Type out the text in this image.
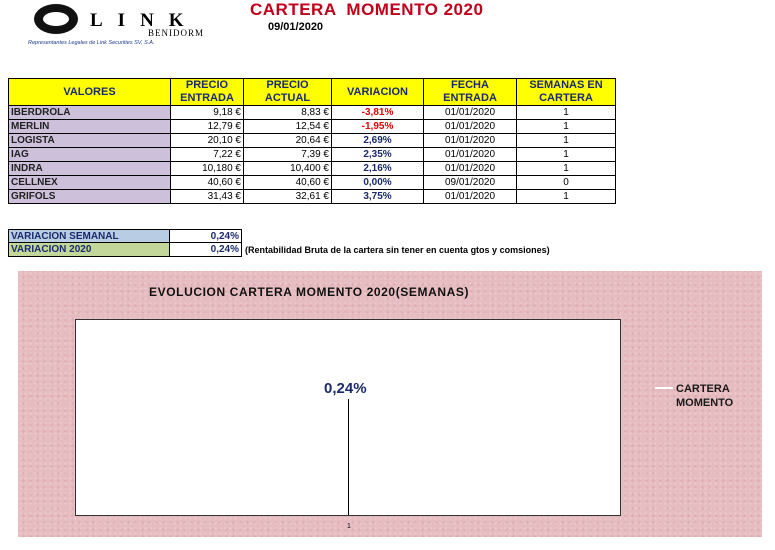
LINK
BENIDORM
Representantes Legales de Link Securities SV, S.A.
CARTERA  MOMENTO 2020
09/01/2020
VALORES	PRECIO ENTRADA	PRECIO ACTUAL	VARIACION	FECHA ENTRADA	SEMANAS EN CARTERA
IBERDROLA	9,18 €	8,83 €	-3,81%	01/01/2020	1
MERLIN	12,79 €	12,54 €	-1,95%	01/01/2020	1
LOGISTA	20,10 €	20,64 €	2,69%	01/01/2020	1
IAG	7,22 €	7,39 €	2,35%	01/01/2020	1
INDRA	10,180 €	10,400 €	2,16%	01/01/2020	1
CELLNEX	40,60 €	40,60 €	0,00%	09/01/2020	0
GRIFOLS	31,43 €	32,61 €	3,75%	01/01/2020	1
VARIACION SEMANAL	0,24%
VARIACION 2020	0,24% (Rentabilidad Bruta de la cartera sin tener en cuenta gtos y comsiones)
EVOLUCION CARTERA MOMENTO 2020(SEMANAS)
0,24%
1
CARTERA MOMENTO
